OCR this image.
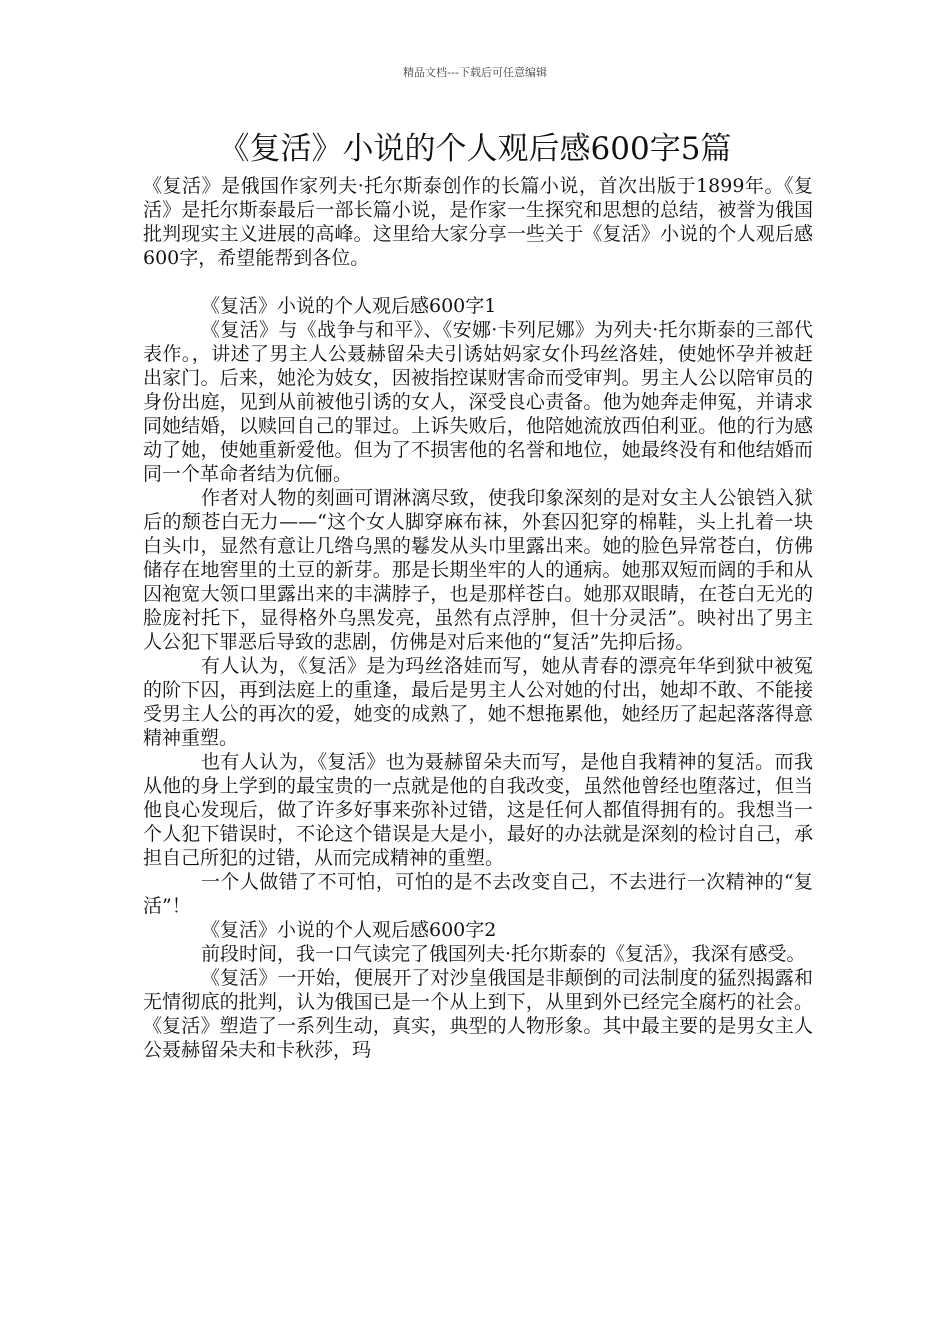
精品文档---下载后可任意编辑
《复活》小说的个人观后感600字5篇

《复活》是俄国作家列夫·托尔斯泰创作的长篇小说，首次出版于1899年。《复活》是托尔斯泰最后一部长篇小说，是作家一生探究和思想的总结，被誉为俄国批判现实主义进展的高峰。这里给大家分享一些关于《复活》小说的个人观后感600字，希望能帮到各位。

《复活》小说的个人观后感600字1

《复活》与《战争与和平》、《安娜·卡列尼娜》为列夫·托尔斯泰的三部代表作。，讲述了男主人公聂赫留朵夫引诱姑妈家女仆玛丝洛娃，使她怀孕并被赶出家门。后来，她沦为妓女，因被指控谋财害命而受审判。男主人公以陪审员的身份出庭，见到从前被他引诱的女人，深受良心责备。他为她奔走伸冤，并请求同她结婚，以赎回自己的罪过。上诉失败后，他陪她流放西伯利亚。他的行为感动了她，使她重新爱他。但为了不损害他的名誉和地位，她最终没有和他结婚而同一个革命者结为伉俪。

作者对人物的刻画可谓淋漓尽致，使我印象深刻的是对女主人公锒铛入狱后的颓苍白无力——“这个女人脚穿麻布袜，外套囚犯穿的棉鞋，头上扎着一块白头巾，显然有意让几绺乌黑的鬈发从头巾里露出来。她的脸色异常苍白，仿佛储存在地窖里的土豆的新芽。那是长期坐牢的人的通病。她那双短而阔的手和从囚袍宽大领口里露出来的丰满脖子，也是那样苍白。她那双眼睛，在苍白无光的脸庞衬托下，显得格外乌黑发亮，虽然有点浮肿，但十分灵活”。映衬出了男主人公犯下罪恶后导致的悲剧，仿佛是对后来他的“复活”先抑后扬。

有人认为，《复活》是为玛丝洛娃而写，她从青春的漂亮年华到狱中被冤的阶下囚，再到法庭上的重逢，最后是男主人公对她的付出，她却不敢、不能接受男主人公的再次的爱，她变的成熟了，她不想拖累他，她经历了起起落落得意精神重塑。

也有人认为，《复活》也为聂赫留朵夫而写，是他自我精神的复活。而我从他的身上学到的最宝贵的一点就是他的自我改变，虽然他曾经也堕落过，但当他良心发现后，做了许多好事来弥补过错，这是任何人都值得拥有的。我想当一个人犯下错误时，不论这个错误是大是小，最好的办法就是深刻的检讨自己，承担自己所犯的过错，从而完成精神的重塑。

一个人做错了不可怕，可怕的是不去改变自己，不去进行一次精神的“复活”！

《复活》小说的个人观后感600字2

前段时间，我一口气读完了俄国列夫·托尔斯泰的《复活》，我深有感受。

《复活》一开始，便展开了对沙皇俄国是非颠倒的司法制度的猛烈揭露和无情彻底的批判，认为俄国已是一个从上到下，从里到外已经完全腐朽的社会。《复活》塑造了一系列生动，真实，典型的人物形象。其中最主要的是男女主人公聂赫留朵夫和卡秋莎，玛
